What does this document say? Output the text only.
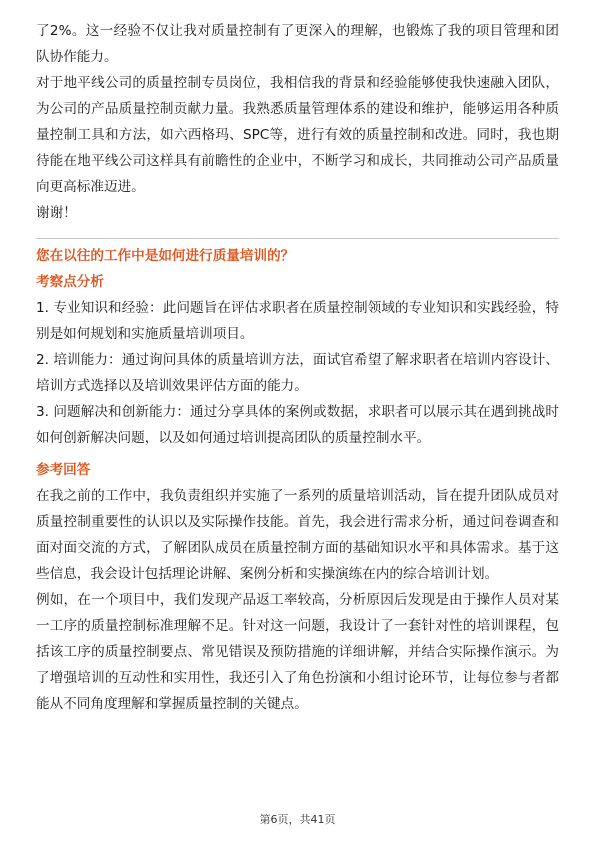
了2%。这一经验不仅让我对质量控制有了更深入的理解，也锻炼了我的项目管理和团队协作能力。

对于地平线公司的质量控制专员岗位，我相信我的背景和经验能够使我快速融入团队，为公司的产品质量控制贡献力量。我熟悉质量管理体系的建设和维护，能够运用各种质量控制工具和方法，如六西格玛、SPC等，进行有效的质量控制和改进。同时，我也期待能在地平线公司这样具有前瞻性的企业中，不断学习和成长，共同推动公司产品质量向更高标准迈进。

谢谢！

您在以往的工作中是如何进行质量培训的？

考察点分析

1. 专业知识和经验：此问题旨在评估求职者在质量控制领域的专业知识和实践经验，特别是如何规划和实施质量培训项目。

2. 培训能力：通过询问具体的质量培训方法，面试官希望了解求职者在培训内容设计、培训方式选择以及培训效果评估方面的能力。

3. 问题解决和创新能力：通过分享具体的案例或数据，求职者可以展示其在遇到挑战时如何创新解决问题，以及如何通过培训提高团队的质量控制水平。

参考回答

在我之前的工作中，我负责组织并实施了一系列的质量培训活动，旨在提升团队成员对质量控制重要性的认识以及实际操作技能。首先，我会进行需求分析，通过问卷调查和面对面交流的方式，了解团队成员在质量控制方面的基础知识水平和具体需求。基于这些信息，我会设计包括理论讲解、案例分析和实操演练在内的综合培训计划。

例如，在一个项目中，我们发现产品返工率较高，分析原因后发现是由于操作人员对某一工序的质量控制标准理解不足。针对这一问题，我设计了一套针对性的培训课程，包括该工序的质量控制要点、常见错误及预防措施的详细讲解，并结合实际操作演示。为了增强培训的互动性和实用性，我还引入了角色扮演和小组讨论环节，让每位参与者都能从不同角度理解和掌握质量控制的关键点。

第6页，共41页
